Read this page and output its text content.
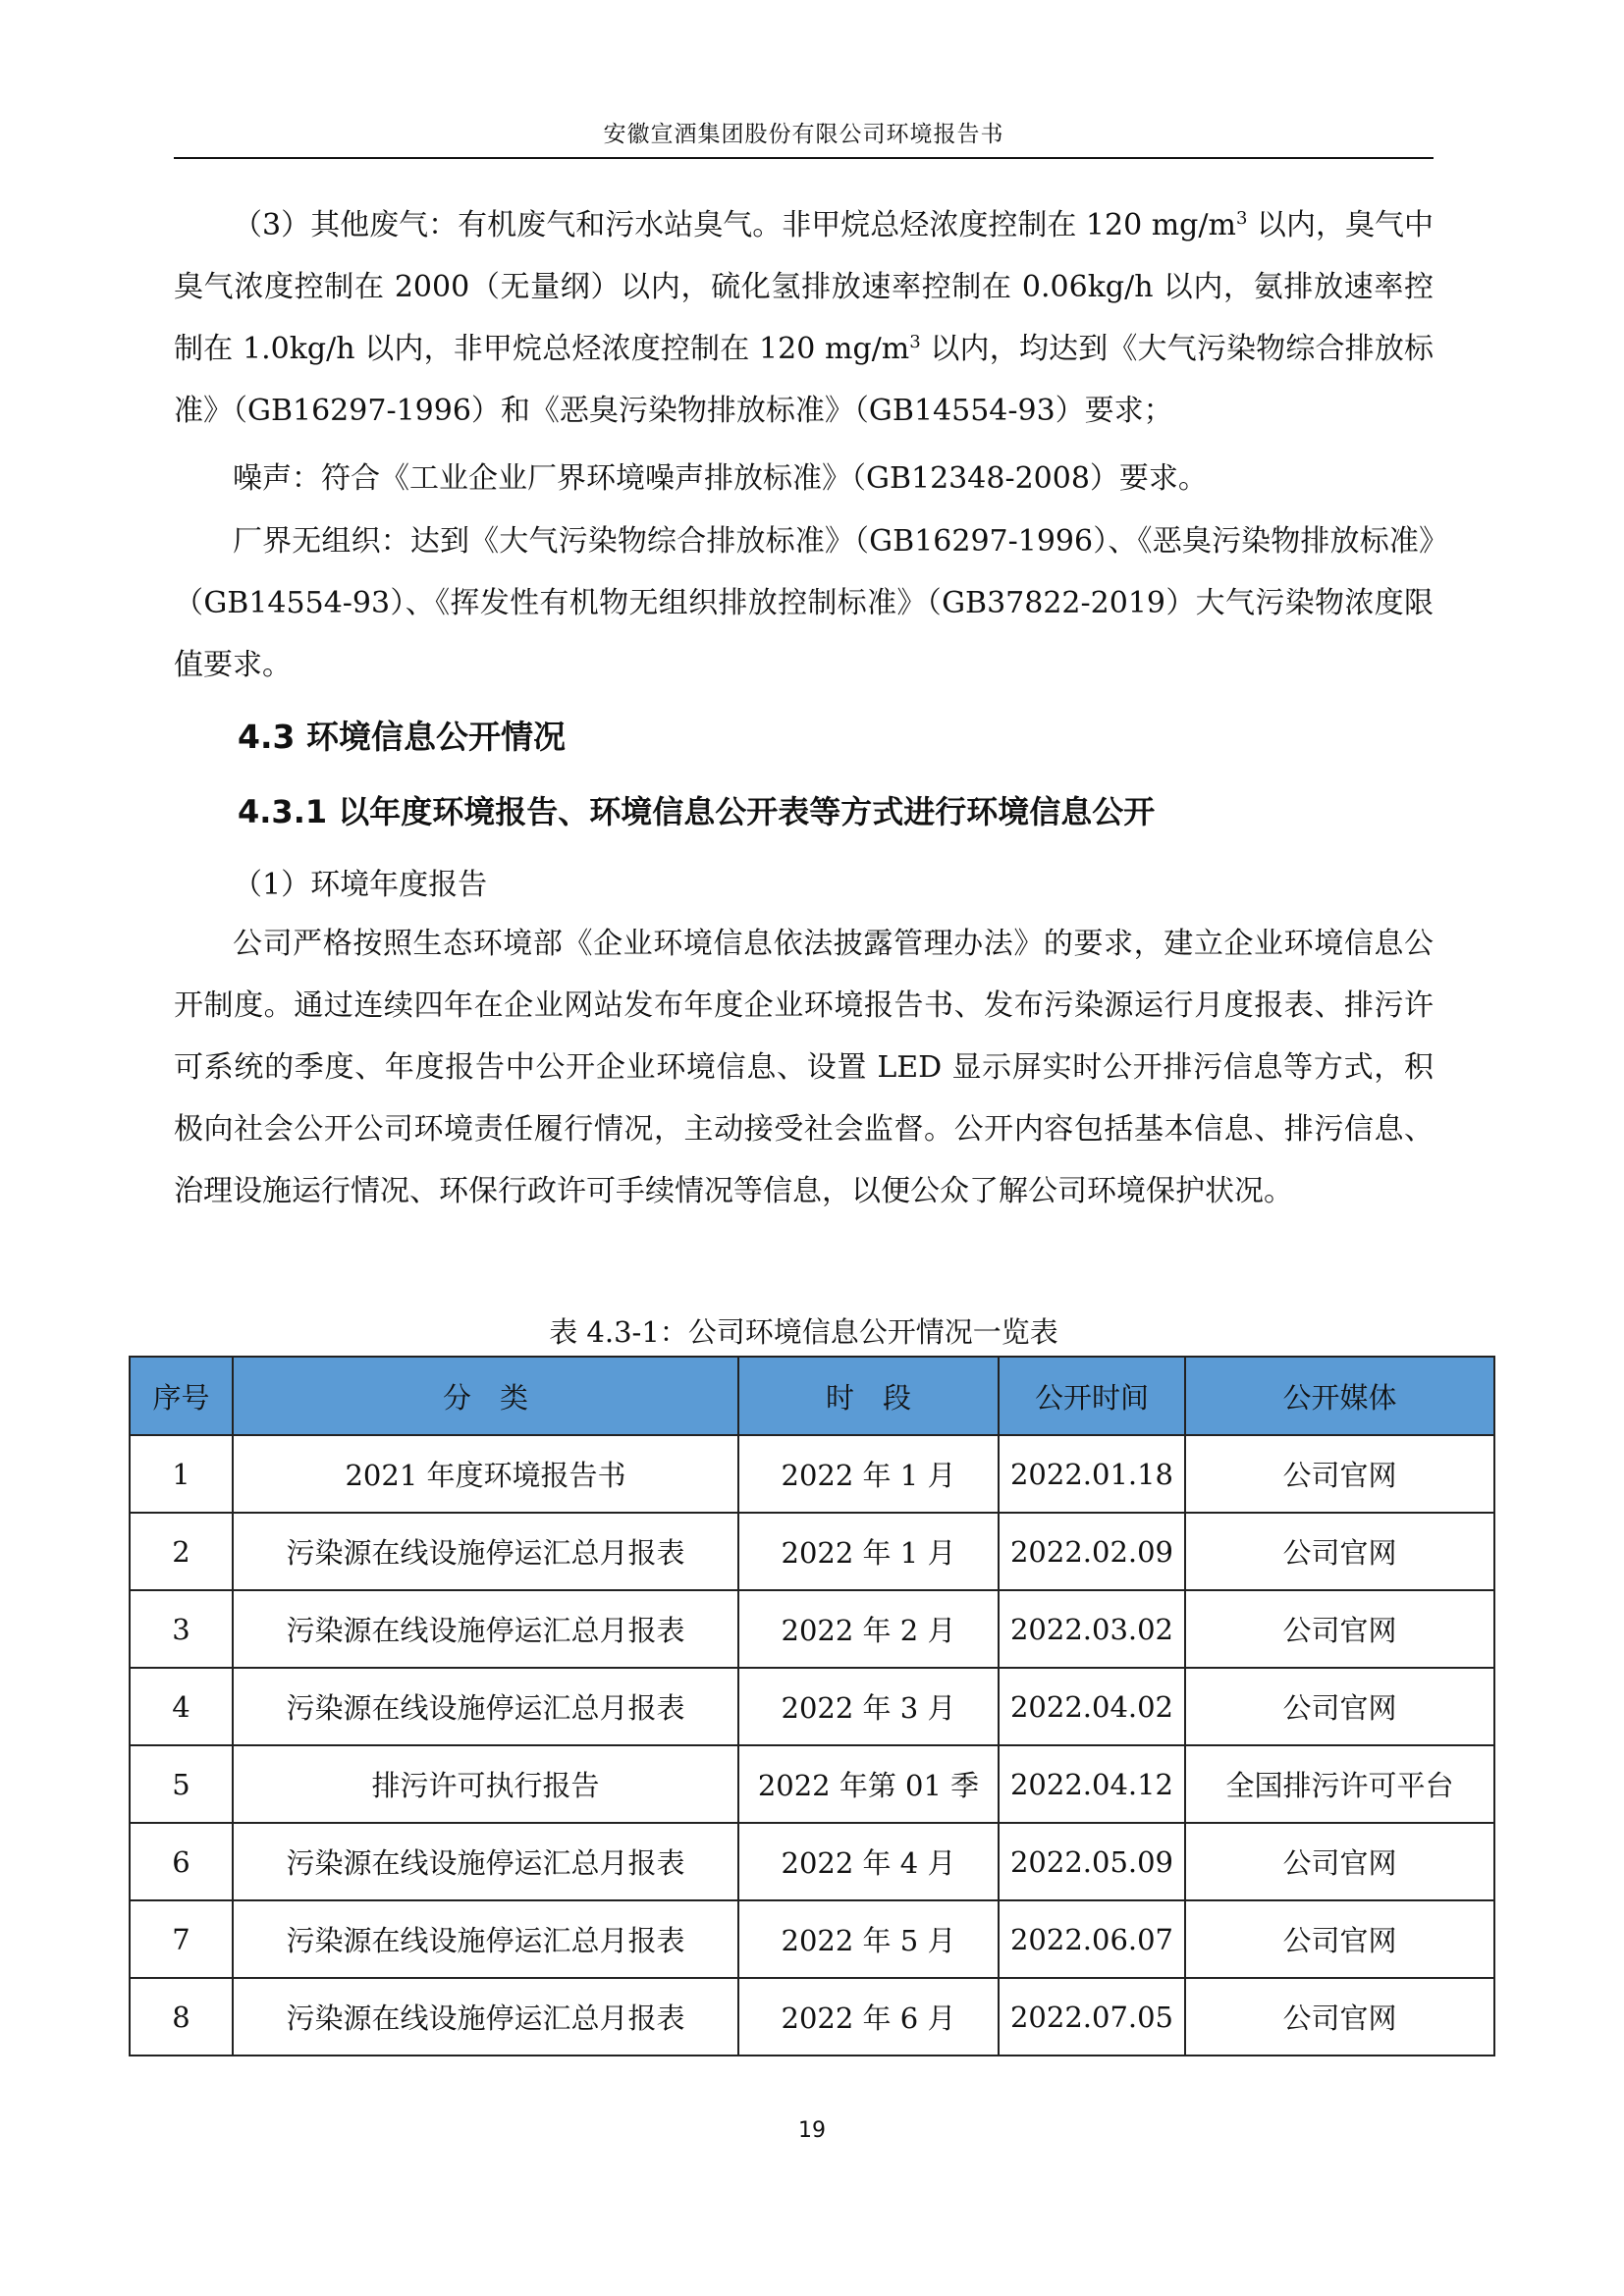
安徽宣酒集团股份有限公司环境报告书

（3）其他废气：有机废气和污水站臭气。非甲烷总烃浓度控制在 120 $mg/m^3$ 以内，臭气中臭气浓度控制在 2000（无量纲）以内，硫化氢排放速率控制在 0.06kg/h 以内，氨排放速率控制在 1.0kg/h 以内，非甲烷总烃浓度控制在 120 $mg/m^3$ 以内，均达到《大气污染物综合排放标准》（GB16297-1996）和《恶臭污染物排放标准》（GB14554-93）要求；

噪声：符合《工业企业厂界环境噪声排放标准》（GB12348-2008）要求。

厂界无组织：达到《大气污染物综合排放标准》（GB16297-1996）、《恶臭污染物排放标准》（GB14554-93）、《挥发性有机物无组织排放控制标准》（GB37822-2019）大气污染物浓度限值要求。

4.3 环境信息公开情况
4.3.1 以年度环境报告、环境信息公开表等方式进行环境信息公开

（1）环境年度报告

公司严格按照生态环境部《企业环境信息依法披露管理办法》的要求，建立企业环境信息公开制度。通过连续四年在企业网站发布年度企业环境报告书、发布污染源运行月度报表、排污许可系统的季度、年度报告中公开企业环境信息、设置 LED 显示屏实时公开排污信息等方式，积极向社会公开公司环境责任履行情况，主动接受社会监督。公开内容包括基本信息、排污信息、治理设施运行情况、环保行政许可手续情况等信息，以便公众了解公司环境保护状况。

表 4.3-1：公司环境信息公开情况一览表
序号	分　类	时　段	公开时间	公开媒体
1	2021 年度环境报告书	2022 年 1 月	2022.01.18	公司官网
2	污染源在线设施停运汇总月报表	2022 年 1 月	2022.02.09	公司官网
3	污染源在线设施停运汇总月报表	2022 年 2 月	2022.03.02	公司官网
4	污染源在线设施停运汇总月报表	2022 年 3 月	2022.04.02	公司官网
5	排污许可执行报告	2022 年第 01 季	2022.04.12	全国排污许可平台
6	污染源在线设施停运汇总月报表	2022 年 4 月	2022.05.09	公司官网
7	污染源在线设施停运汇总月报表	2022 年 5 月	2022.06.07	公司官网
8	污染源在线设施停运汇总月报表	2022 年 6 月	2022.07.05	公司官网
19
